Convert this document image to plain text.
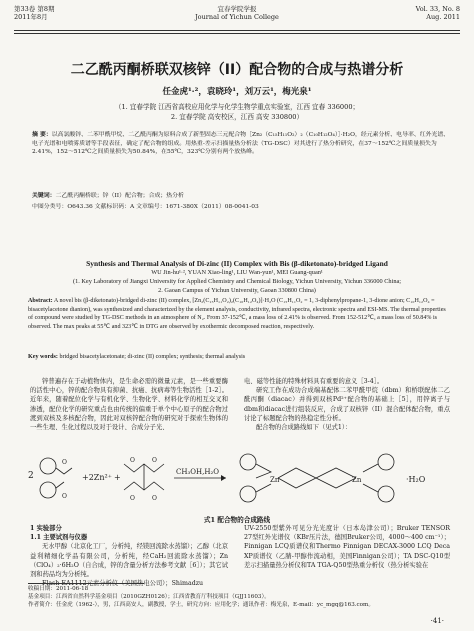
第33卷 第8期
2011年8月
宜春学院学报
Journal of Yichun College
Vol. 33, No. 8
Aug. 2011
二乙酰丙酮桥联双核锌（II）配合物的合成与热谱分析
任金虎¹·²，袁晓玲¹，刘万云¹，梅光泉¹
（1. 宜春学院 江西省高校应用化学与化学生物学重点实验室，江西 宜春 336000；
2. 宜春学院 高安校区，江西 高安 330800）
摘 要：以高氯酸锌、二苯甲酰甲烷、二乙酰丙酮为原料合成了新型固态三元配合物［Zn₂（C₁₅H₁₁O₂）₂（C₁₀H₁₂O₄）］·H₂O，经元素分析、电导率、红外光谱、电子光谱和电喷雾质谱等手段表征，确定了配合物的组成。用热重-差示扫描量热分析法（TG-DSC）对其进行了热分析研究，在37～152℃之间质量损失为2.41%，152～512℃之间质量损失为50.84%，在55℃，323℃分别有两个放热峰。
关键词：二乙酰丙酮桥联；锌（II）配合物；合成；热分析
中图分类号：O643.36 文献标识码：A 文章编号：1671-380X（2011）08-0041-03
Synthesis and Thermal Analysis of Di-zinc (II) Complex with Bis (β-diketonato)-bridged Ligand
WU Jin-hu¹·², YUAN Xiao-ling¹, LIU Wan-yun¹, MEI Guang-quan¹
(1. Key Laboratory of Jiangxi University for Applied Chemistry and Chemical Biology, Yichun University, Yichun 336000 China;
2. Gaoan Campus of Yichun University, Gaoan 330800 China)
Abstract: A novel bis (β-diketonato)-bridged di-zinc (II) complex, [Zn₂(C₁₅H₁₁O₂)₂(C₁₀H₁₂O₄)]·H₂O (C₁₅H₁₁O₂ = 1, 3-diphenylpropane-1, 3-dione anion; C₁₀H₁₂O₄ = bisacetylacetone dianion), was synthesized and characterized by the element analysis, conductivity, infrared spectra, electronic spectra and ESI-MS. The thermal properties of compound were studied by TG-DSC methods in an atmosphere of N₂. From 37-152℃, a mass loss of 2.41% is observed. From 152-512℃, a mass loss of 50.84% is observed. The max peaks at 55℃ and 323℃ in DTG are observed by exothermic decomposed reaction, respectively.
Key words: bridged bisacetylacetonate; di-zinc (II) complex; synthesis; thermal analysis

锌普遍存在于动植物体内，是生命必需的微量元素，是一些重要酶的活性中心，锌的配合物具有抑菌、抗癌、抗病毒等生物活性［1-2］。近年来，随着配位化学与有机化学、生物化学、材料化学的相互交叉和渗透，配位化学的研究重点也由传统的偏重于单个中心原子的配合物过渡到双核及多核配合物，因此对双核锌配合物的研究对于探索生物体的一些生理、生化过程以及对于设计、合成分子光、

电、磁等性能的特殊材料具有重要的意义［3-4］。

研究工作在成功合成端基配体二苯甲酰甲烷（dbm）和桥联配体二乙酰丙酮（diacac）并得到双核Pd²⁺配合物的基础上［5］，用锌离子与dbm和diacac进行组装反应，合成了双核锌（II）混合配体配合物，重点讨论了标题配合物的热稳定性分析。

配合物的合成路线如下（见式1）：

2
O
O
+2Zn²⁺
O	O
O	O
+
CH₃OH,H₂O
Zn	Zn	·H₂O
式1 配合物的合成路线

1 实验部分

1.1 主要试剂与仪器

无水甲醇（北京化工厂，分析纯，经镁回流除水蒸馏）；乙醇（北京益利精细化学品有限公司，分析纯，经CaH₂回流除水蒸馏）；Zn（ClO₄）₂·6H₂O（自合成，锌的含量分析方法参考文献［6］）；其它试剂和药品均为分析纯。

Flash EA1112元素分析仪（美国热电公司）；Shimadzu

UV-2550型紫外可见分光光度计（日本岛津公司）；Bruker TENSOR 27型红外光谱仪（KBr压片法，德国Bruker公司，4000～400 cm⁻¹）；Finnigan LCQ质谱仪和Thermo Finnigan DECAX-3000 LCQ Deca XP质谱仪（乙腈-甲醇作流动相，美国Finnigan公司）；TA DSC-Q10型差示扫描量热分析仪和TA TGA-Q50型热重分析仪（热分析实验在

收稿日期：2011-06-18
基金项目：江西省自然科学基金项目（2010GZH0126）；江西省教育厅科技项目（GJJ11603）。
作者简介：任金虎（1962-），男，江西高安人，副教授，学士，研究方向：应用化学；通讯作者：梅光泉，E-mail：yc_mgq@163.com。
·41·
